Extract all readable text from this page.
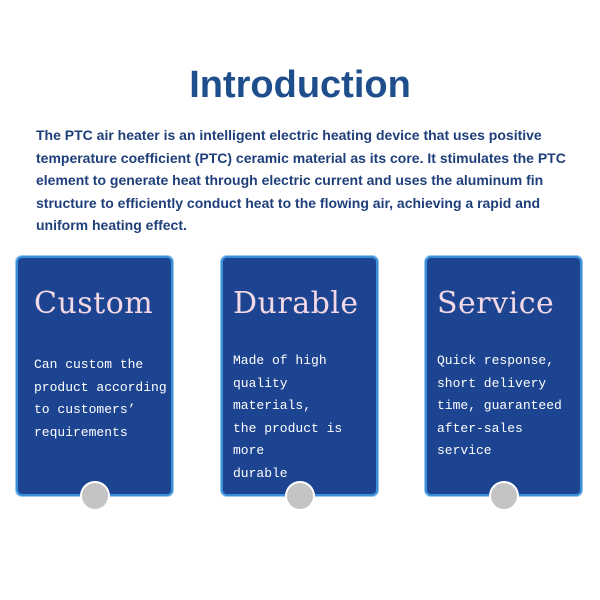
Introduction

The PTC air heater is an intelligent electric heating device that uses positive temperature coefficient (PTC) ceramic material as its core. It stimulates the PTC element to generate heat through electric current and uses the aluminum fin structure to efficiently conduct heat to the flowing air, achieving a rapid and uniform heating effect.

Custom
Can custom the
product according
to customers’
requirements
Durable
Made of high
quality materials,
the product is more
durable
Service
Quick response,
short delivery
time, guaranteed
after-sales service
